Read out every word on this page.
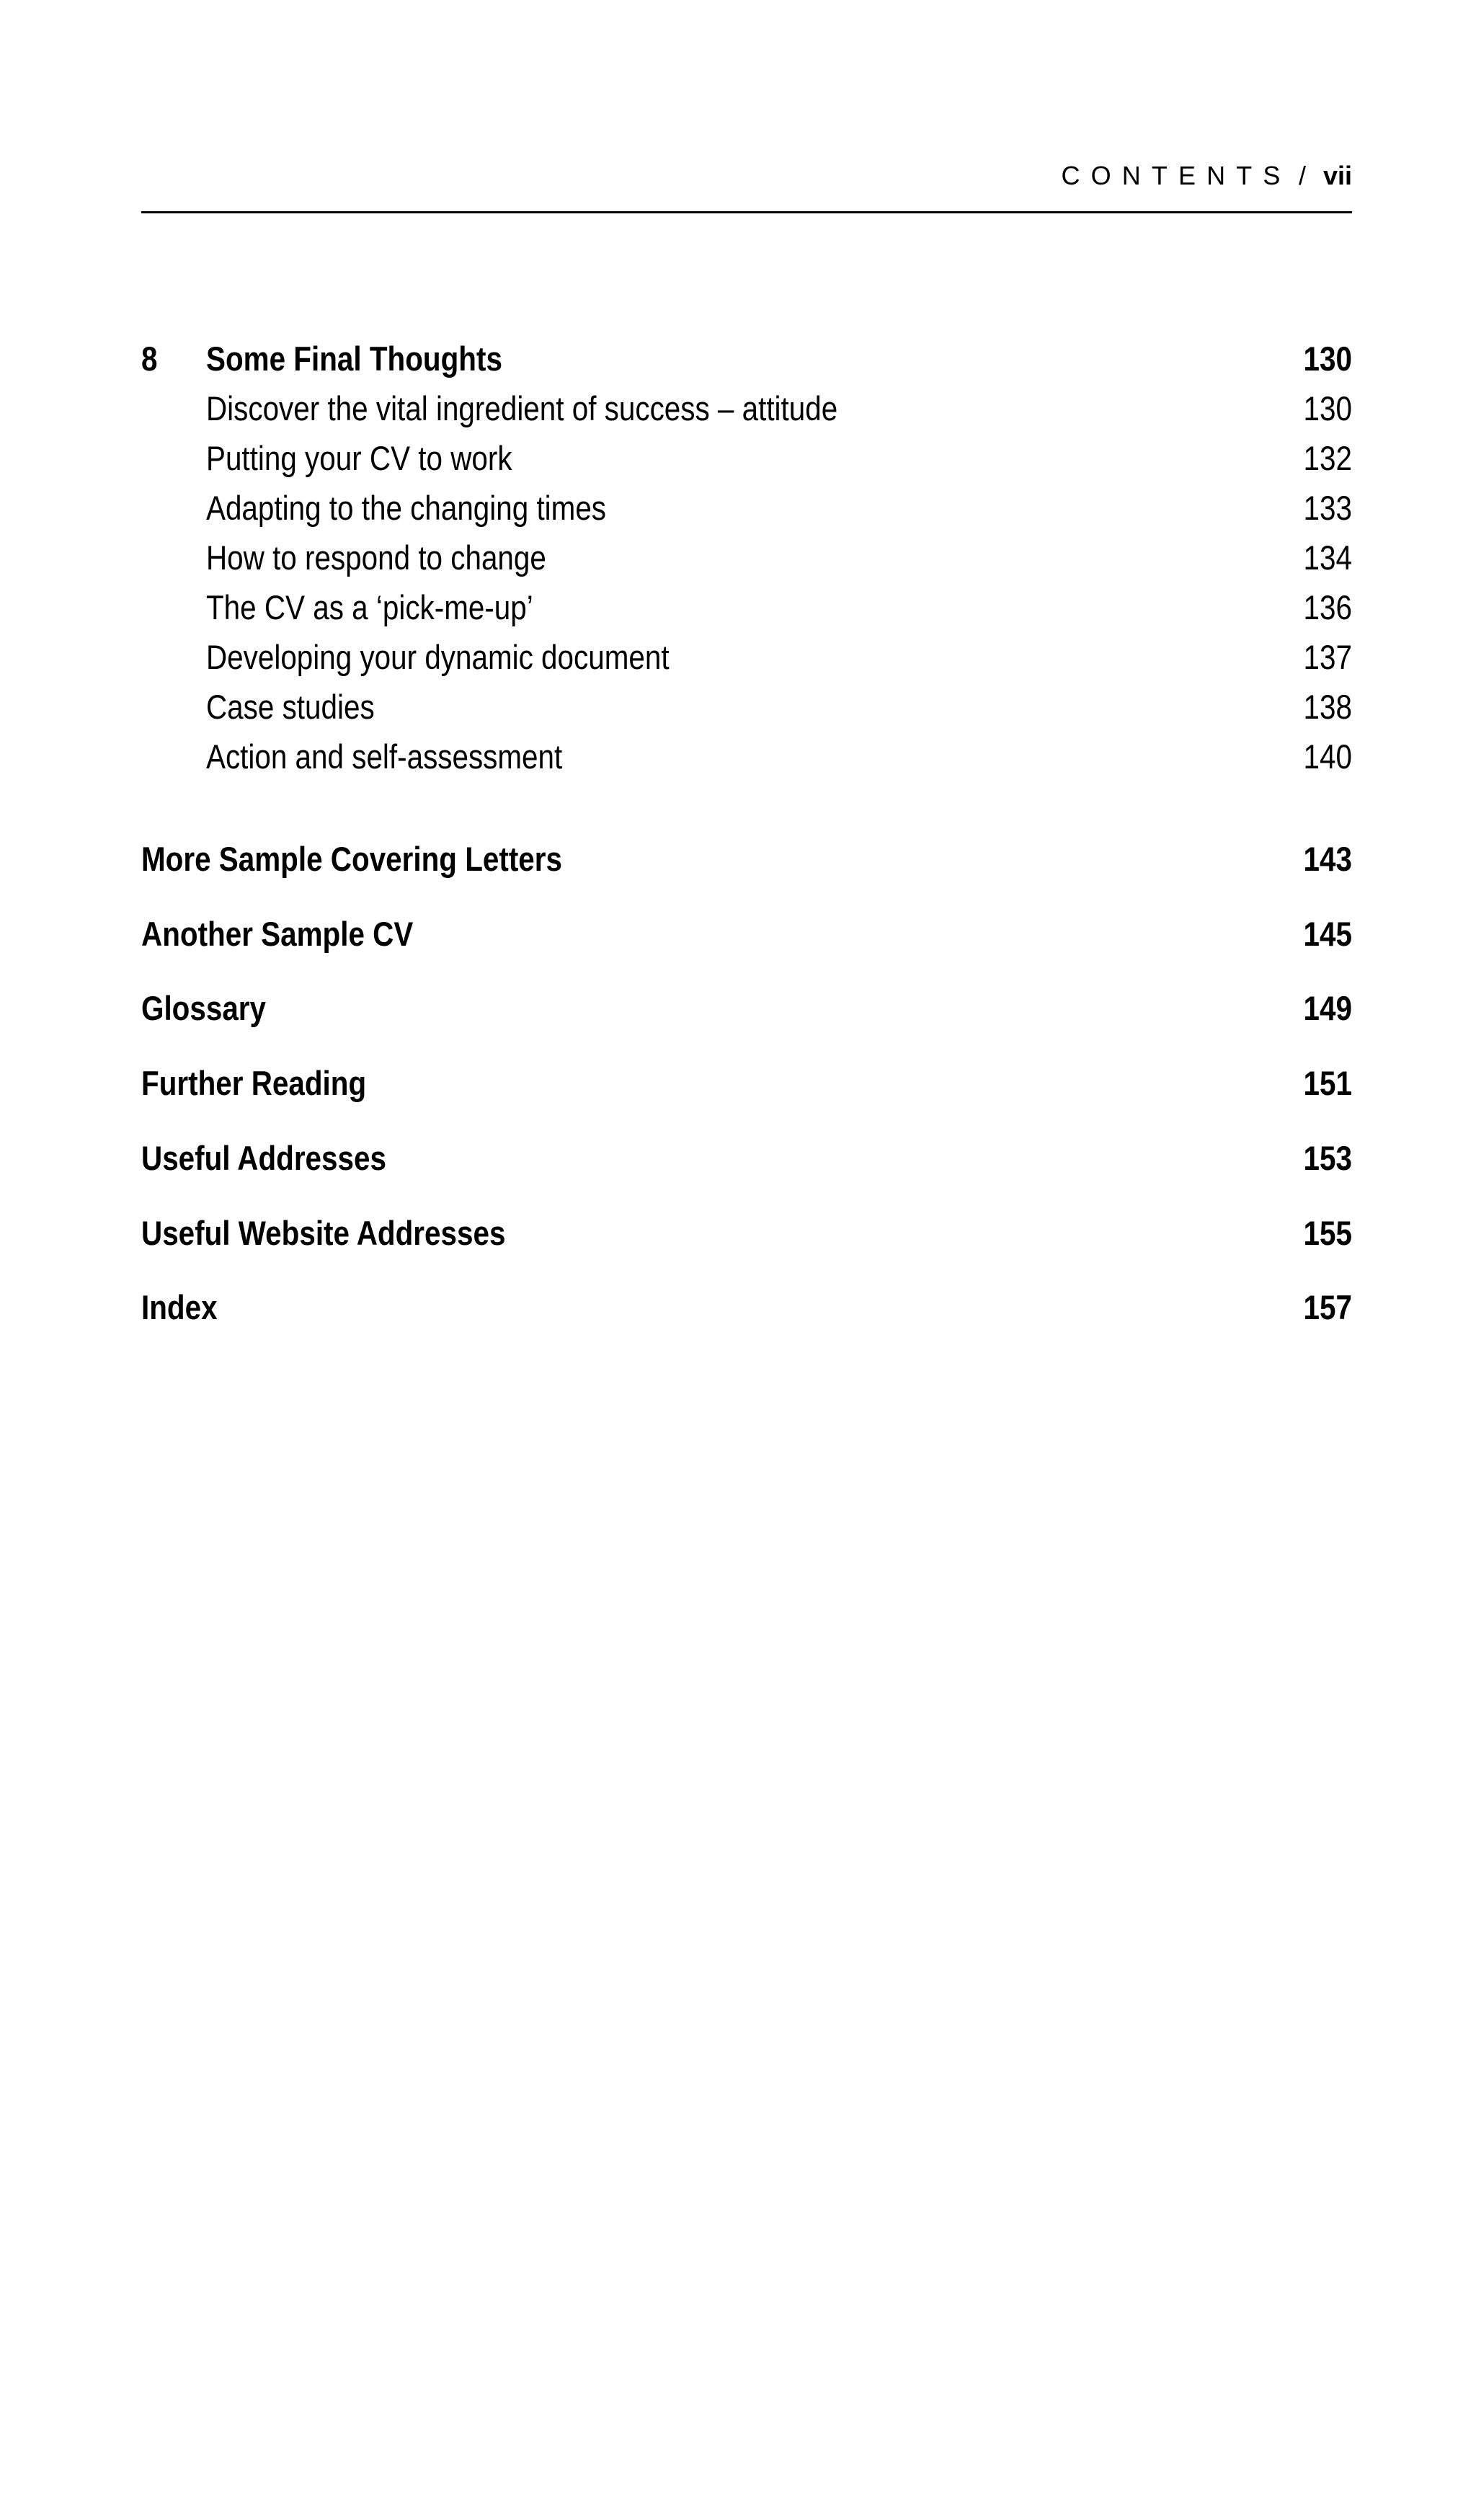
CONTENTS / vii
8 Some Final Thoughts	130
Discover the vital ingredient of success – attitude	130
Putting your CV to work	132
Adapting to the changing times	133
How to respond to change	134
The CV as a ‘pick-me-up’	136
Developing your dynamic document	137
Case studies	138
Action and self-assessment	140
More Sample Covering Letters	143
Another Sample CV	145
Glossary	149
Further Reading	151
Useful Addresses	153
Useful Website Addresses	155
Index	157
